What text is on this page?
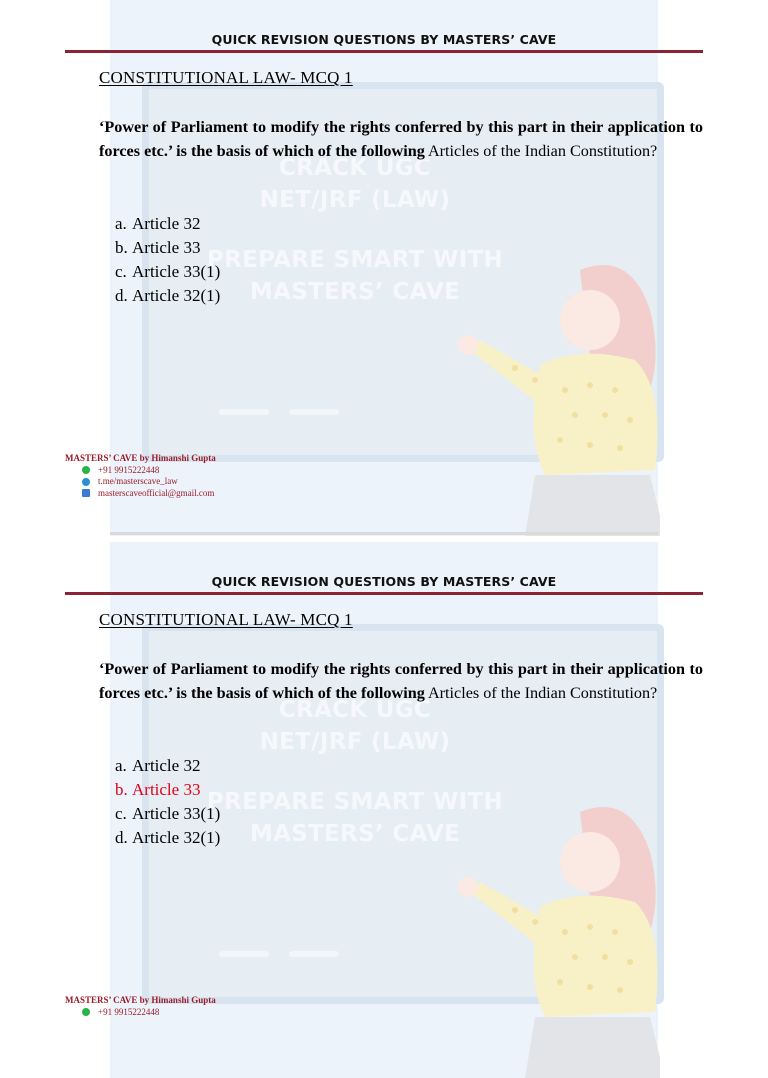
CRACK UGC
NET/JRF (LAW)
PREPARE SMART WITH
MASTERS’ CAVE
QUICK REVISION QUESTIONS BY MASTERS’ CAVE
CONSTITUTIONAL LAW- MCQ 1
‘Power of Parliament to modify the rights conferred by this part in their application to forces etc.’ is the basis of which of the following Articles of the Indian Constitution?
a. Article 32
b. Article 33
c. Article 33(1)
d. Article 32(1)
MASTERS’ CAVE by Himanshi Gupta
+91 9915222448
t.me/masterscave_law
masterscaveofficial@gmail.com
CRACK UGC
NET/JRF (LAW)
PREPARE SMART WITH
MASTERS’ CAVE
QUICK REVISION QUESTIONS BY MASTERS’ CAVE
CONSTITUTIONAL LAW- MCQ 1
‘Power of Parliament to modify the rights conferred by this part in their application to forces etc.’ is the basis of which of the following Articles of the Indian Constitution?
a. Article 32
b. Article 33
c. Article 33(1)
d. Article 32(1)
MASTERS’ CAVE by Himanshi Gupta
+91 9915222448
